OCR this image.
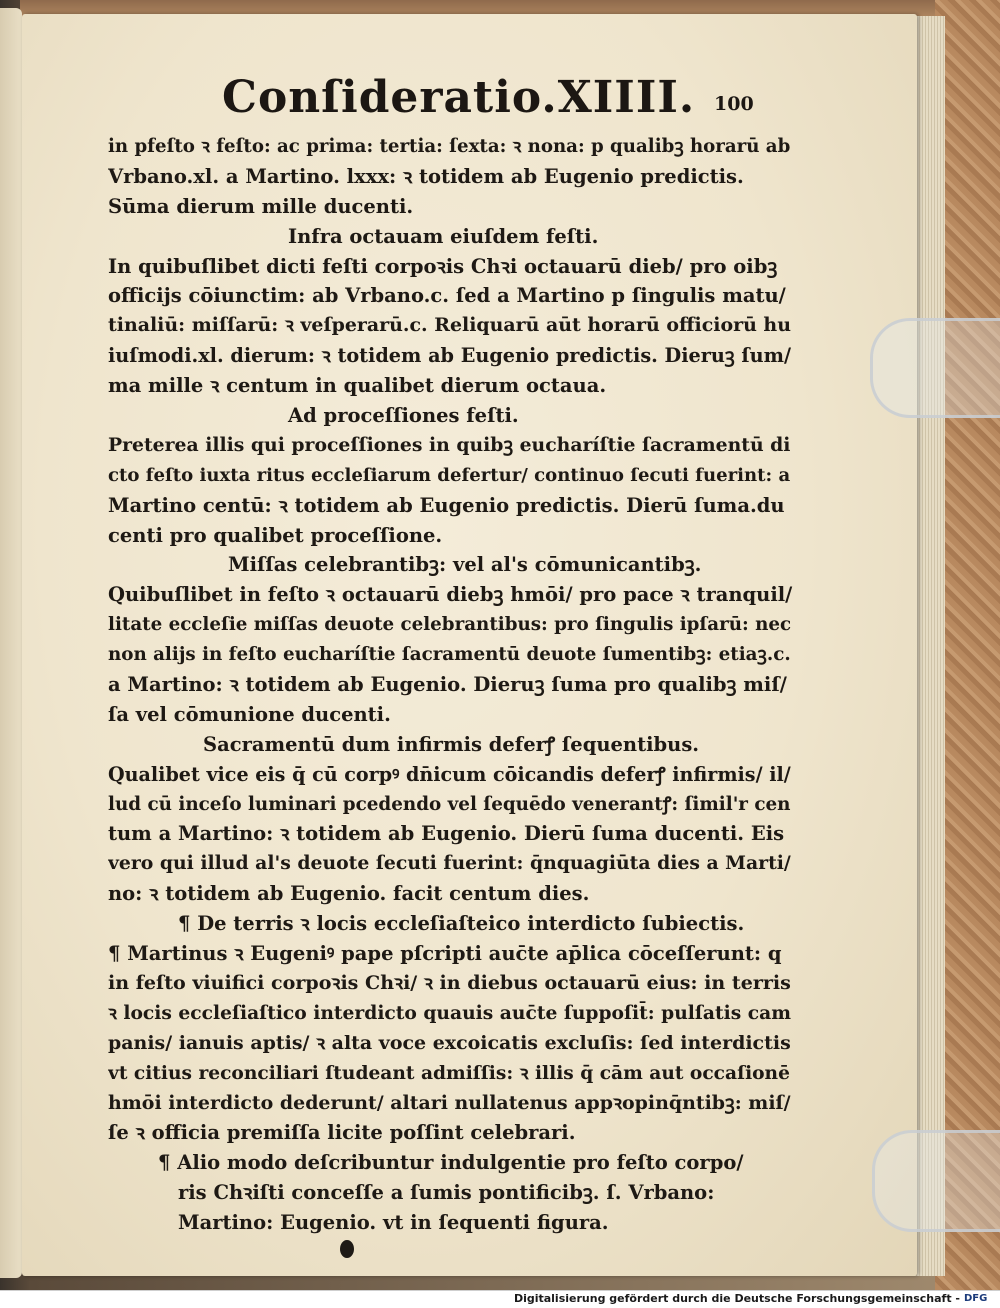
Conſideratio.XIIII. 100
in pfeſto ꝛ feſto: ac prima: tertia: ſexta: ꝛ nona: p qualibꝫ horarū ab
Vrbano.xl. a Martino. lxxx: ꝛ totidem ab Eugenio predictis.
Sūma dierum mille ducenti.
Infra octauam eiuſdem feſti.
In quibuſlibet dicti feſti corpoꝛis Chꝛi octauarū dieb/ pro oibꝫ
officijs cōiunctim: ab Vrbano.c. ſed a Martino p ſingulis matu/
tinaliū: miſſarū: ꝛ veſperarū.c. Reliquarū aūt horarū officiorū hu
iuſmodi.xl. dierum: ꝛ totidem ab Eugenio predictis. Dieruꝫ ſum/
ma mille ꝛ centum in qualibet dierum octaua.
Ad proceſſiones feſti.
Preterea illis qui proceſſiones in quibꝫ eucharíſtie ſacramentū di
cto feſto iuxta ritus eccleſiarum defertur/ continuo ſecuti fuerint: a
Martino centū: ꝛ totidem ab Eugenio predictis. Dierū ſuma.du
centi pro qualibet proceſſione.
Miſſas celebrantibꝫ: vel al's cōmunicantibꝫ.
Quibuſlibet in feſto ꝛ octauarū diebꝫ hmōi/ pro pace ꝛ tranquil/
litate eccleſie miſſas deuote celebrantibus: pro ſingulis ipſarū: nec
non alijs in feſto eucharíſtie ſacramentū deuote ſumentibꝫ: etiaꝫ.c.
a Martino: ꝛ totidem ab Eugenio. Dieruꝫ ſuma pro qualibꝫ miſ/
ſa vel cōmunione ducenti.
Sacramentū dum infirmis deferꝭ ſequentibus.
Qualibet vice eis q̄ cū corpꝰ dn̄icum cōicandis deferꝭ infirmis/ il/
lud cū inceſo luminari pcedendo vel ſequēdo venerantꝭ: ſimil'r cen
tum a Martino: ꝛ totidem ab Eugenio. Dierū ſuma ducenti. Eis
vero qui illud al's deuote ſecuti fuerint: q̄nquagiūta dies a Marti/
no: ꝛ totidem ab Eugenio. facit centum dies.
¶ De terris ꝛ locis eccleſiaſteico interdicto ſubiectis.
¶ Martinus ꝛ Eugeniꝰ pape pſcripti auc̄te ap̄lica cōceſſerunt: q
in feſto viuifici corpoꝛis Chꝛi/ ꝛ in diebus octauarū eius: in terris
ꝛ locis eccleſiaſtico interdicto quauis auc̄te ſuppoſit̄: pulſatis cam
panis/ ianuis aptis/ ꝛ alta voce excoicatis excluſis: ſed interdictis
vt citius reconciliari ſtudeant admiſſis: ꝛ illis q̄ cām aut occaſionē
hmōi interdicto dederunt/ altari nullatenus appꝛopinq̄ntibꝫ: miſ/
ſe ꝛ officia premiſſa licite poſſint celebrari.
¶ Alio modo deſcribuntur indulgentie pro feſto corpo/
ris Chꝛiſti conceſſe a ſumis pontificibꝫ. ſ. Vrbano:
Martino: Eugenio. vt in ſequenti figura.
Digitalisierung gefördert durch die Deutsche Forschungsgemeinschaft - DFG
